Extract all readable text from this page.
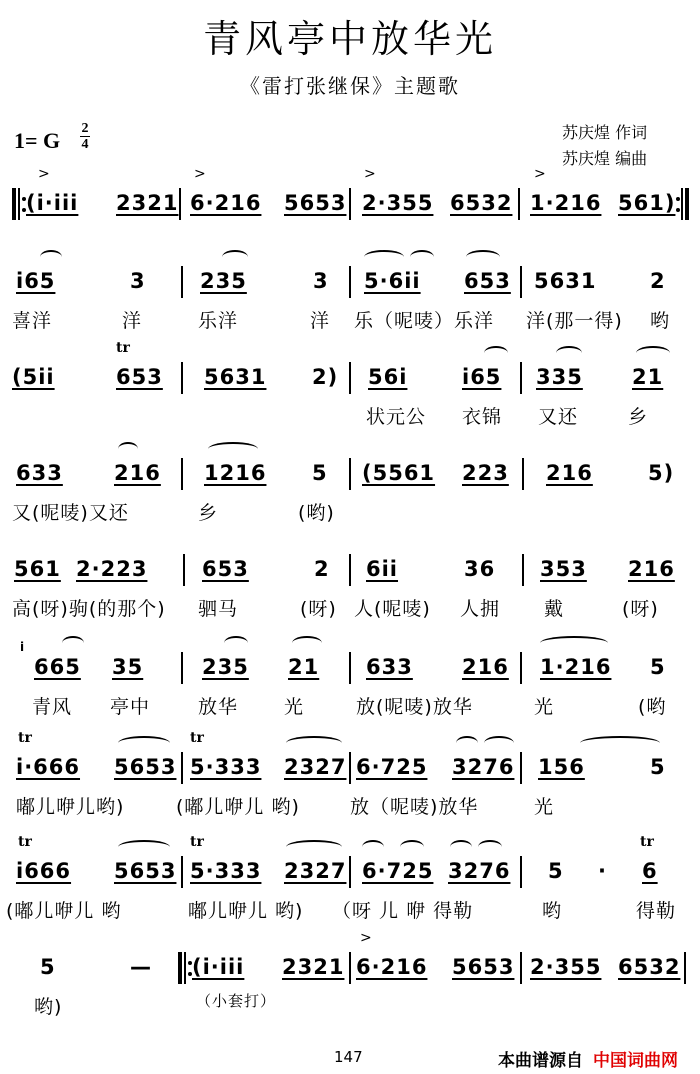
青风亭中放华光
《雷打张继保》主题歌
1= G 2
4
苏庆煌 作词
苏庆煌 编曲
>
(i·iii 2321
>
6·216 5653
>
2·355 6532
>
1·216 561)
i65	3	235	3 5·6ii 653 5631	2
喜洋	洋	乐洋	洋 乐（呢唛）乐洋 洋(那一得) 哟
tr
(5ii	653 5631 2) 56i	i65 335 21
状元公 衣锦 又还	乡
633 216 1216 5 (5561 223 216	5)
又(呢唛)又还	乡	(哟)
561 2·223	653	2 6ii	36 353 216
高(呀)驹(的那个) 驷马	(呀) 人(呢唛) 人拥 戴	(呀)
i
665 35	235 21 633 216 1·216 5
青风 亭中	放华 光	放(呢唛)放华	光	(哟
tr	tr
i·666 5653 5·333 2327 6·725 3276 156	5
嘟儿咿儿哟)	(嘟儿咿儿 哟)	放（呢唛)放华	光
tr	tr	tr
i666 5653 5·333 2327 6·725 3276 5 · 6
(嘟儿咿儿 哟	嘟儿咿儿 哟) （呀 儿 咿 得勒	哟	得勒
5	— (i·iii 2321
>
6·216 5653 2·355 6532
哟)	（小套打）
147	本曲谱源自 中国词曲网
